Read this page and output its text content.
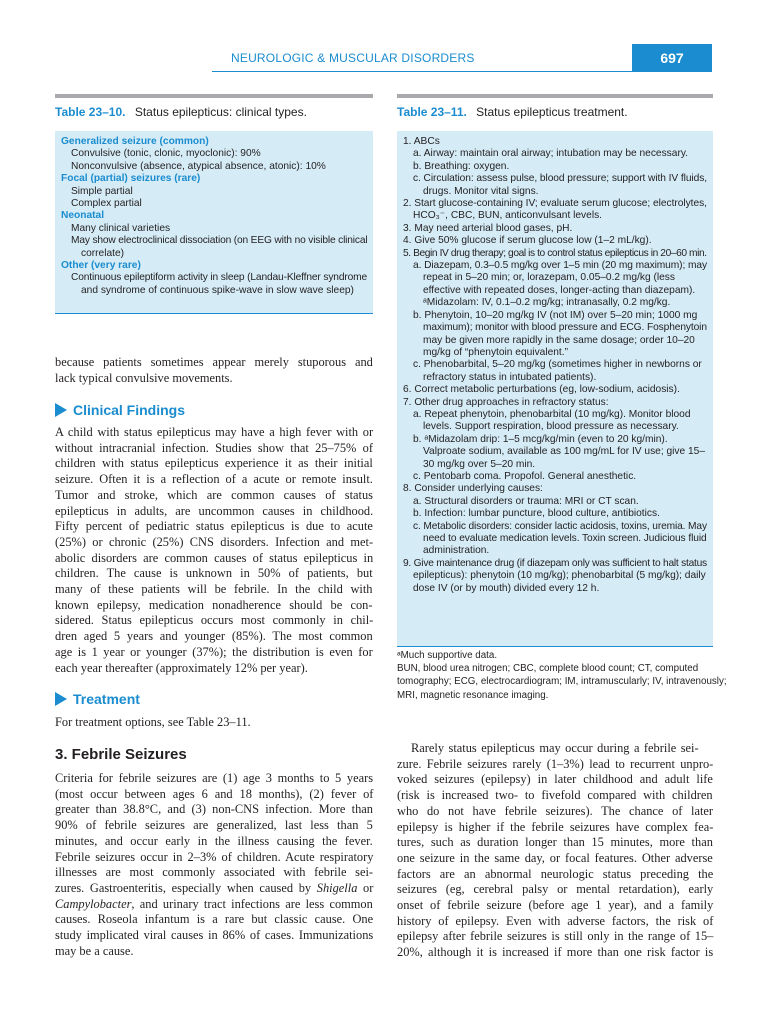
NEUROLOGIC & MUSCULAR DISORDERS	697
Table 23–10. Status epilepticus: clinical types.
Generalized seizure (common)
Convulsive (tonic, clonic, myoclonic): 90%
Nonconvulsive (absence, atypical absence, atonic): 10%
Focal (partial) seizures (rare)
Simple partial
Complex partial
Neonatal
Many clinical varieties
May show electroclinical dissociation (on EEG with no visible clinical
correlate)
Other (very rare)
Continuous epileptiform activity in sleep (Landau-Kleffner syndrome
and syndrome of continuous spike-wave in slow wave sleep)
Table 23–11. Status epilepticus treatment.
1. ABCs
a. Airway: maintain oral airway; intubation may be necessary.
b. Breathing: oxygen.
c. Circulation: assess pulse, blood pressure; support with IV fluids,
drugs. Monitor vital signs.
2. Start glucose-containing IV; evaluate serum glucose; electrolytes,
HCO₃⁻, CBC, BUN, anticonvulsant levels.
3. May need arterial blood gases, pH.
4. Give 50% glucose if serum glucose low (1–2 mL/kg).
5. Begin IV drug therapy; goal is to control status epilepticus in 20–60 min.
a. Diazepam, 0.3–0.5 mg/kg over 1–5 min (20 mg maximum); may
repeat in 5–20 min; or, lorazepam, 0.05–0.2 mg/kg (less
effective with repeated doses, longer-acting than diazepam).
ᵃMidazolam: IV, 0.1–0.2 mg/kg; intranasally, 0.2 mg/kg.
b. Phenytoin, 10–20 mg/kg IV (not IM) over 5–20 min; 1000 mg
maximum); monitor with blood pressure and ECG. Fosphenytoin
may be given more rapidly in the same dosage; order 10–20
mg/kg of “phenytoin equivalent.”
c. Phenobarbital, 5–20 mg/kg (sometimes higher in newborns or
refractory status in intubated patients).
6. Correct metabolic perturbations (eg, low-sodium, acidosis).
7. Other drug approaches in refractory status:
a. Repeat phenytoin, phenobarbital (10 mg/kg). Monitor blood
levels. Support respiration, blood pressure as necessary.
b. ᵃMidazolam drip: 1–5 mcg/kg/min (even to 20 kg/min).
Valproate sodium, available as 100 mg/mL for IV use; give 15–
30 mg/kg over 5–20 min.
c. Pentobarb coma. Propofol. General anesthetic.
8. Consider underlying causes:
a. Structural disorders or trauma: MRI or CT scan.
b. Infection: lumbar puncture, blood culture, antibiotics.
c. Metabolic disorders: consider lactic acidosis, toxins, uremia. May
need to evaluate medication levels. Toxin screen. Judicious fluid
administration.
9. Give maintenance drug (if diazepam only was sufficient to halt status
epilepticus): phenytoin (10 mg/kg); phenobarbital (5 mg/kg); daily
dose IV (or by mouth) divided every 12 h.
ᵃMuch supportive data.
BUN, blood urea nitrogen; CBC, complete blood count; CT, computed
tomography; ECG, electrocardiogram; IM, intramuscularly; IV, intravenously;
MRI, magnetic resonance imaging.
because patients sometimes appear merely stuporous and
lack typical convulsive movements.
Clinical Findings
A child with status epilepticus may have a high fever with or
without intracranial infection. Studies show that 25–75% of
children with status epilepticus experience it as their initial
seizure. Often it is a reflection of a acute or remote insult.
Tumor and stroke, which are common causes of status
epilepticus in adults, are uncommon causes in childhood.
Fifty percent of pediatric status epilepticus is due to acute
(25%) or chronic (25%) CNS disorders. Infection and met-
abolic disorders are common causes of status epilepticus in
children. The cause is unknown in 50% of patients, but
many of these patients will be febrile. In the child with
known epilepsy, medication nonadherence should be con-
sidered. Status epilepticus occurs most commonly in chil-
dren aged 5 years and younger (85%). The most common
age is 1 year or younger (37%); the distribution is even for
each year thereafter (approximately 12% per year).
Treatment
For treatment options, see Table 23–11.
3. Febrile Seizures
Criteria for febrile seizures are (1) age 3 months to 5 years
(most occur between ages 6 and 18 months), (2) fever of
greater than 38.8°C, and (3) non-CNS infection. More than
90% of febrile seizures are generalized, last less than 5
minutes, and occur early in the illness causing the fever.
Febrile seizures occur in 2–3% of children. Acute respiratory
illnesses are most commonly associated with febrile sei-
zures. Gastroenteritis, especially when caused by Shigella or
Campylobacter, and urinary tract infections are less common
causes. Roseola infantum is a rare but classic cause. One
study implicated viral causes in 86% of cases. Immunizations
may be a cause.
Rarely status epilepticus may occur during a febrile sei-
zure. Febrile seizures rarely (1–3%) lead to recurrent unpro-
voked seizures (epilepsy) in later childhood and adult life
(risk is increased two- to fivefold compared with children
who do not have febrile seizures). The chance of later
epilepsy is higher if the febrile seizures have complex fea-
tures, such as duration longer than 15 minutes, more than
one seizure in the same day, or focal features. Other adverse
factors are an abnormal neurologic status preceding the
seizures (eg, cerebral palsy or mental retardation), early
onset of febrile seizure (before age 1 year), and a family
history of epilepsy. Even with adverse factors, the risk of
epilepsy after febrile seizures is still only in the range of 15–
20%, although it is increased if more than one risk factor is
